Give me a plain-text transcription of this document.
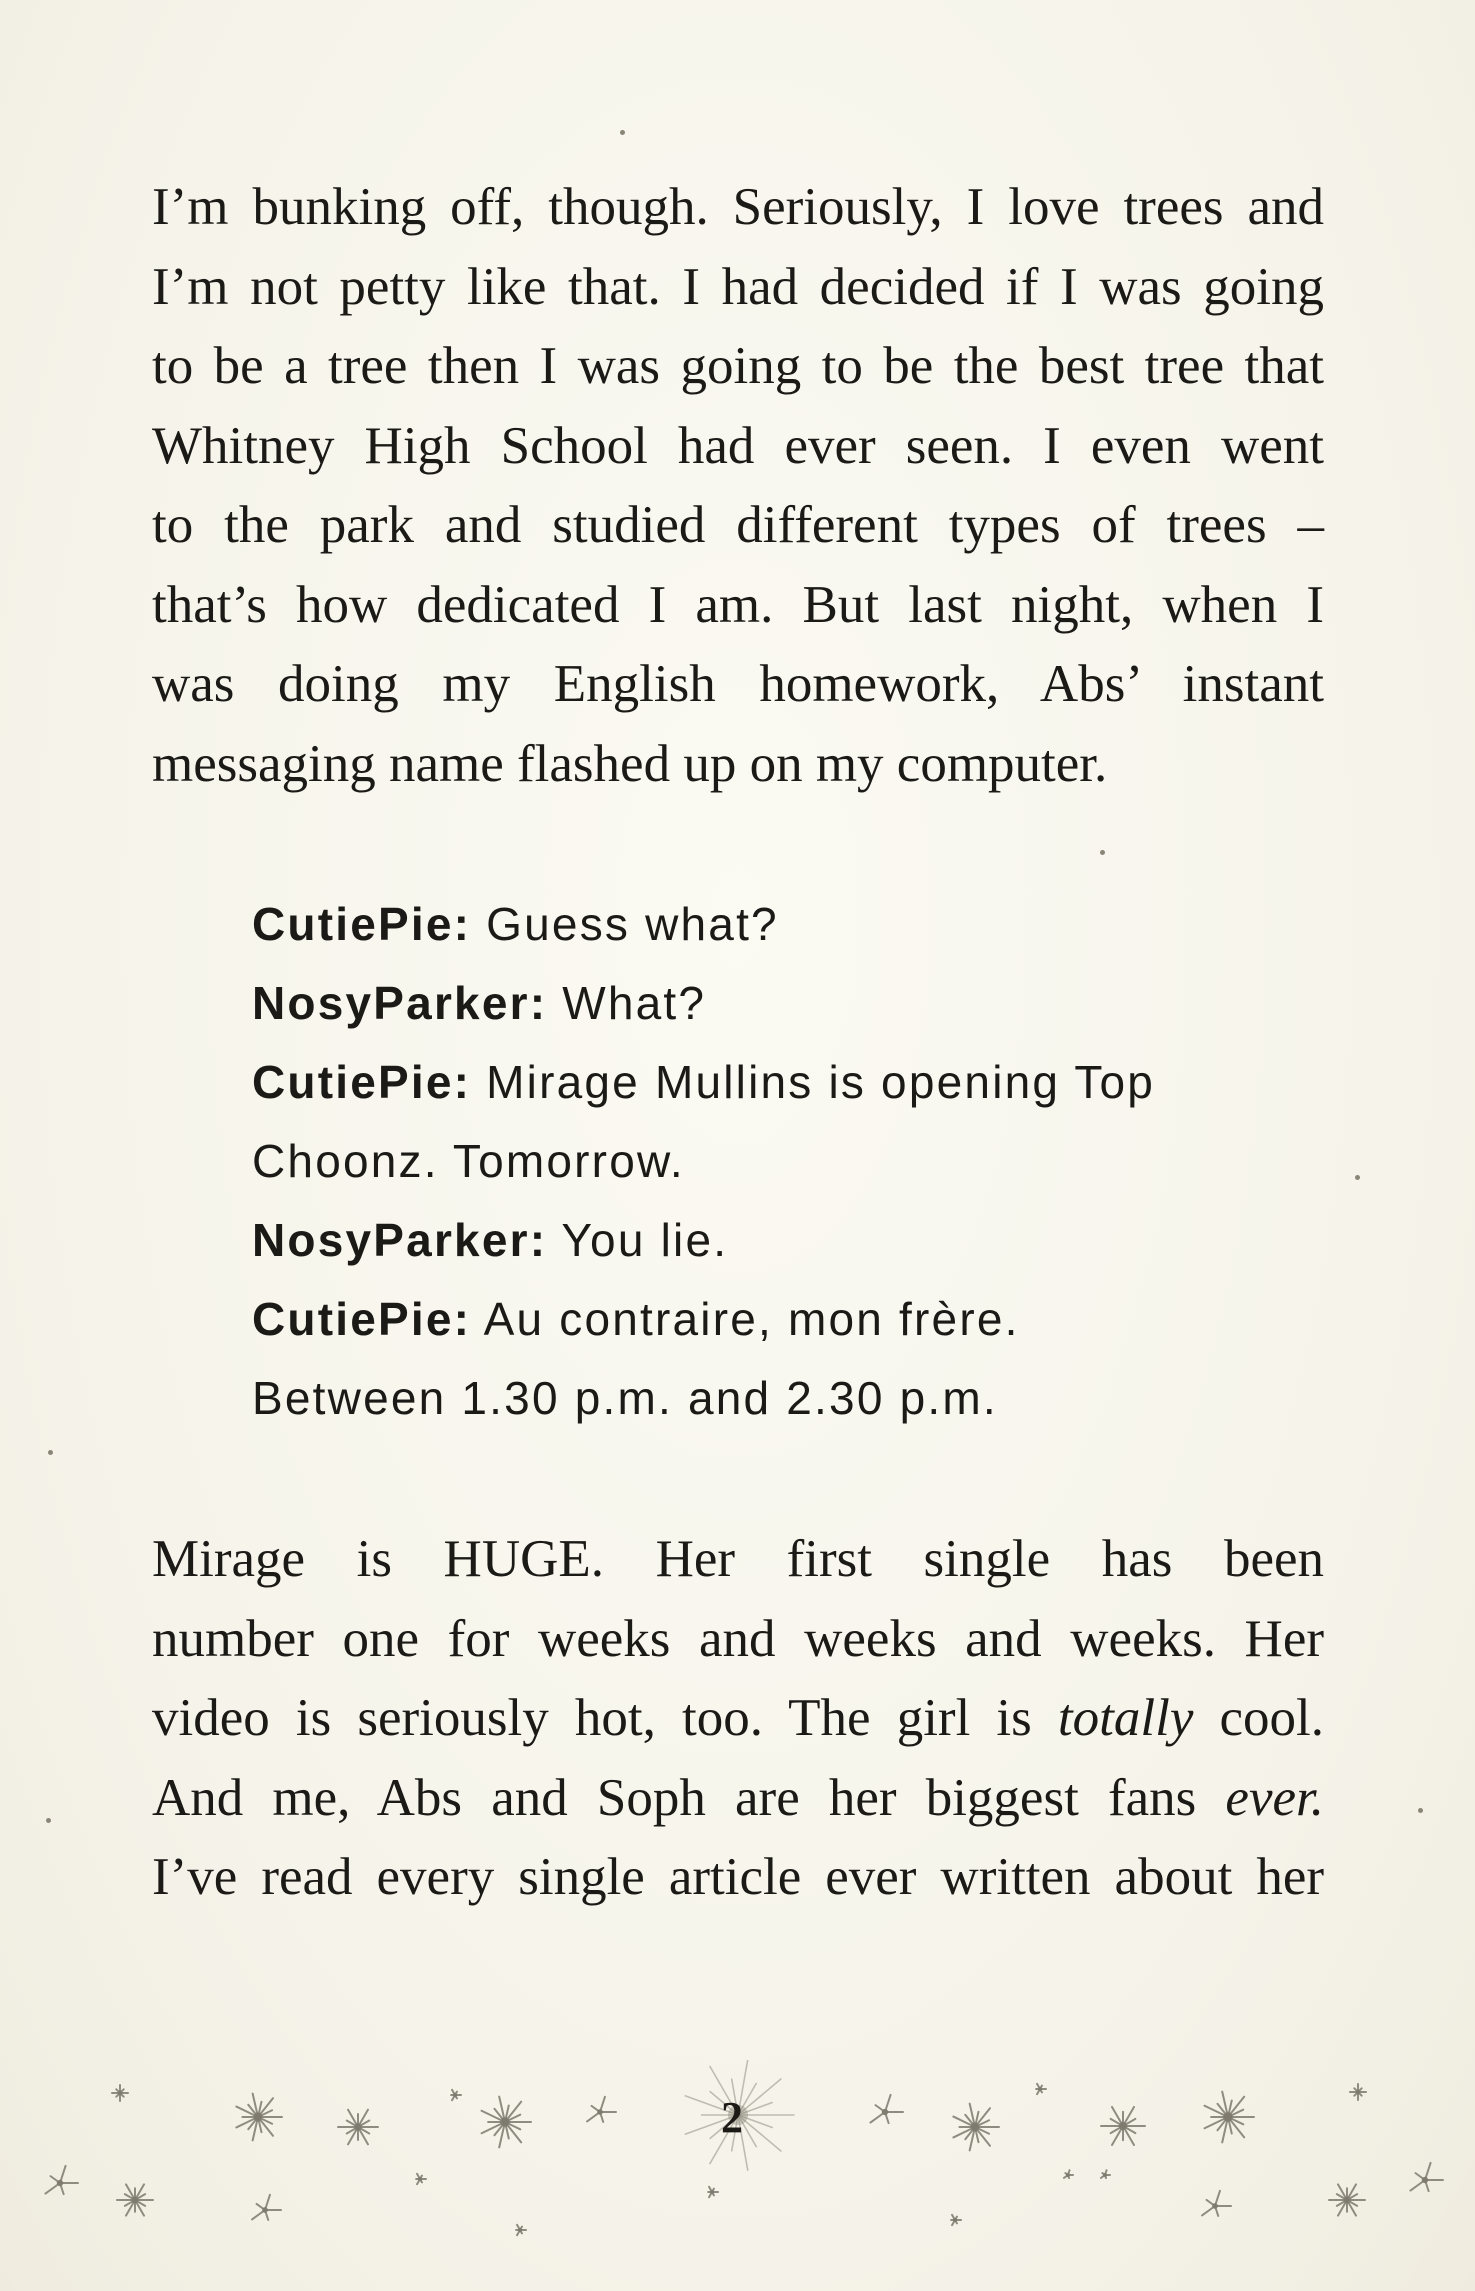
I’m bunking off, though. Seriously, I love trees and
I’m not petty like that. I had decided if I was going
to be a tree then I was going to be the best tree that
Whitney High School had ever seen. I even went
to the park and studied different types of trees –
that’s how dedicated I am. But last night, when I
was doing my English homework, Abs’ instant
messaging name flashed up on my computer.
CutiePie: Guess what?
NosyParker: What?
CutiePie: Mirage Mullins is opening Top
Choonz. Tomorrow.
NosyParker: You lie.
CutiePie: Au contraire, mon frère.
Between 1.30 p.m. and 2.30 p.m.
Mirage is HUGE. Her first single has been
number one for weeks and weeks and weeks. Her
video is seriously hot, too. The girl is totally cool.
And me, Abs and Soph are her biggest fans ever.
I’ve read every single article ever written about her
2
